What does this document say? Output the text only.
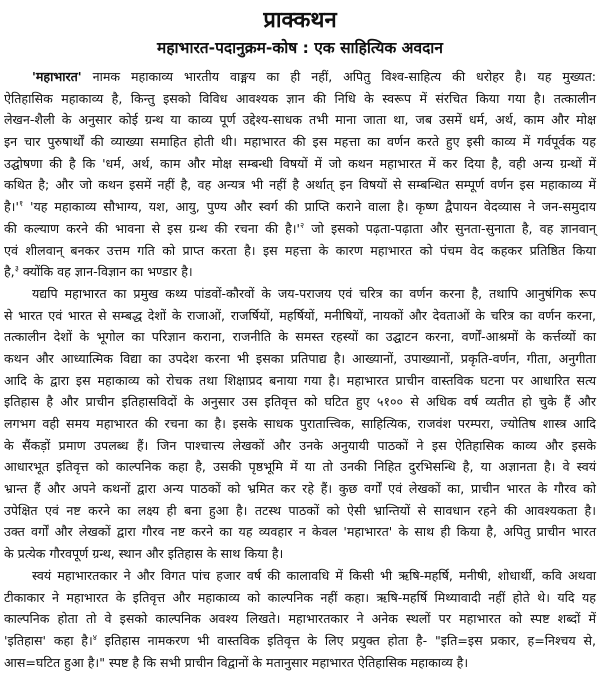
प्राक्कथन
महाभारत-पदानुक्रम-कोष : एक साहित्यिक अवदान
'महाभारत' नामक महाकाव्य भारतीय वाङ्मय का ही नहीं, अपितु विश्व-साहित्य की धरोहर है। यह मुख्यत:
ऐतिहासिक महाकाव्य है, किन्तु इसको विविध आवश्यक ज्ञान की निधि के स्वरूप में संरचित किया गया है। तत्कालीन
लेखन-शैली के अनुसार कोई ग्रन्थ या काव्य पूर्ण उद्देश्य-साधक तभी माना जाता था, जब उसमें धर्म, अर्थ, काम और मोक्ष
इन चार पुरुषार्थों की व्याख्या समाहित होती थी। महाभारत की इस महत्ता का वर्णन करते हुए इसी काव्य में गर्वपूर्वक यह
उद्घोषणा की है कि 'धर्म, अर्थ, काम और मोक्ष सम्बन्धी विषयों में जो कथन महाभारत में कर दिया है, वही अन्य ग्रन्थों में
कथित है; और जो कथन इसमें नहीं है, वह अन्यत्र भी नहीं है अर्थात् इन विषयों से सम्बन्धित सम्पूर्ण वर्णन इस महाकाव्य में
$है।'^१$ 'यह महाकाव्य सौभाग्य, यश, आयु, पुण्य और स्वर्ग की प्राप्ति कराने वाला है। कृष्ण द्वैपायन वेदव्यास ने जन-समुदाय
की कल्याण करने की भावना से इस ग्रन्थ की रचना की $है।'^२$ जो इसको पढ़ता-पढ़ाता और सुनता-सुनाता है, वह ज्ञानवान्
एवं शीलवान् बनकर उत्तम गति को प्राप्त करता है। इस महत्ता के कारण महाभारत को पंचम वेद कहकर प्रतिष्ठित किया
है,$^३$ क्योंकि वह ज्ञान-विज्ञान का भण्डार है।
यद्यपि महाभारत का प्रमुख कथ्य पांडवों-कौरवों के जय-पराजय एवं चरित्र का वर्णन करना है, तथापि आनुषंगिक रूप
से भारत एवं भारत से सम्बद्ध देशों के राजाओं, राजर्षियों, महर्षियों, मनीषियों, नायकों और देवताओं के चरित्र का वर्णन करना,
तत्कालीन देशों के भूगोल का परिज्ञान कराना, राजनीति के समस्त रहस्यों का उद्घाटन करना, वर्णों-आश्रमों के कर्त्तव्यों का
कथन और आध्यात्मिक विद्या का उपदेश करना भी इसका प्रतिपाद्य है। आख्यानों, उपाख्यानों, प्रकृति-वर्णन, गीता, अनुगीता
आदि के द्वारा इस महाकाव्य को रोचक तथा शिक्षाप्रद बनाया गया है। महाभारत प्राचीन वास्तविक घटना पर आधारित सत्य
इतिहास है और प्राचीन इतिहासविदों के अनुसार उस इतिवृत्त को घटित हुए ५१०० से अधिक वर्ष व्यतीत हो चुके हैं और
लगभग वही समय महाभारत की रचना का है। इसके साधक पुरातात्त्विक, साहित्यिक, राजवंश परम्परा, ज्योतिष शास्त्र आदि
के सैंकड़ों प्रमाण उपलब्ध हैं। जिन पाश्चात्त्य लेखकों और उनके अनुयायी पाठकों ने इस ऐतिहासिक काव्य और इसके
आधारभूत इतिवृत्त को काल्पनिक कहा है, उसकी पृष्ठभूमि में या तो उनकी निहित दुरभिसन्धि है, या अज्ञानता है। वे स्वयं
भ्रान्त हैं और अपने कथनों द्वारा अन्य पाठकों को भ्रमित कर रहे हैं। कुछ वर्गों एवं लेखकों का, प्राचीन भारत के गौरव को
उपेक्षित एवं नष्ट करने का लक्ष्य ही बना हुआ है। तटस्थ पाठकों को ऐसी भ्रान्तियों से सावधान रहने की आवश्यकता है।
उक्त वर्गों और लेखकों द्वारा गौरव नष्ट करने का यह व्यवहार न केवल 'महाभारत' के साथ ही किया है, अपितु प्राचीन भारत
के प्रत्येक गौरवपूर्ण ग्रन्थ, स्थान और इतिहास के साथ किया है।
स्वयं महाभारतकार ने और विगत पांच हजार वर्ष की कालावधि में किसी भी ऋषि-महर्षि, मनीषी, शोधार्थी, कवि अथवा
टीकाकार ने महाभारत के इतिवृत्त और महाकाव्य को काल्पनिक नहीं कहा। ऋषि-महर्षि मिथ्यावादी नहीं होते थे। यदि यह
काल्पनिक होता तो वे इसको काल्पनिक अवश्य लिखते। महाभारतकार ने अनेक स्थलों पर महाभारत को स्पष्ट शब्दों में
'इतिहास' कहा है।$^४$ इतिहास नामकरण भी वास्तविक इतिवृत्त के लिए प्रयुक्त होता है- "इति=इस प्रकार, ह=निश्चय से,
आस=घटित हुआ है।" स्पष्ट है कि सभी प्राचीन विद्वानों के मतानुसार महाभारत ऐतिहासिक महाकाव्य है।
